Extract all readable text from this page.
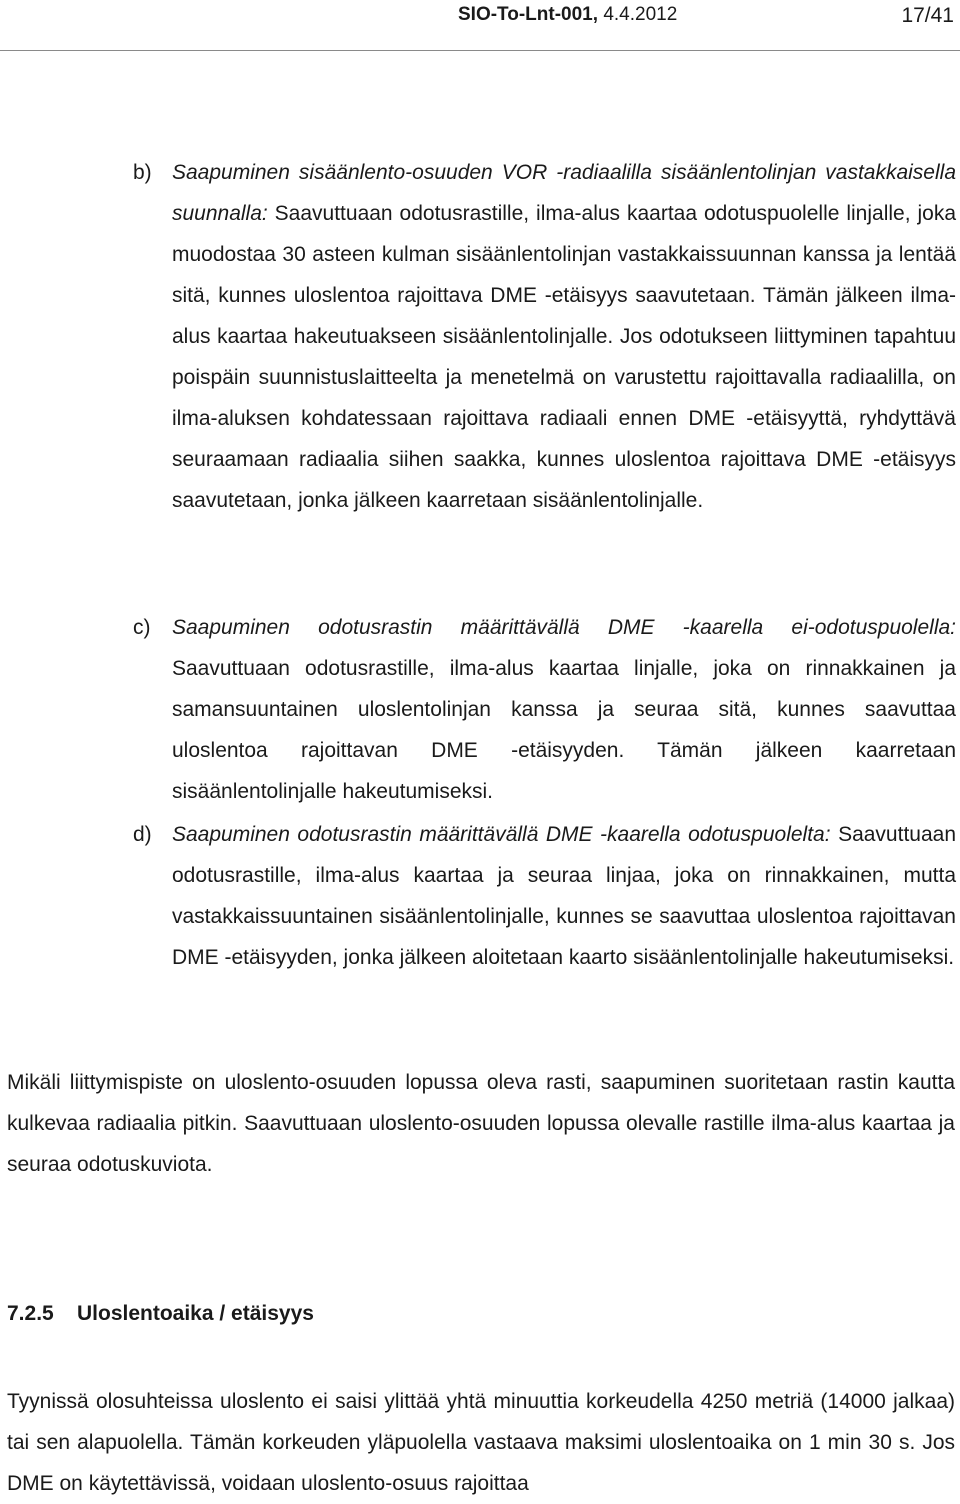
SIO-To-Lnt-001, 4.4.2012	17/41
b) Saapuminen sisäänlento-osuuden VOR -radiaalilla sisäänlentolinjan vastakkaisella suunnalla: Saavuttuaan odotusrastille, ilma-alus kaartaa odotuspuolelle linjalle, joka muodostaa 30 asteen kulman sisäänlentolinjan vastakkaissuunnan kanssa ja lentää sitä, kunnes uloslentoa rajoittava DME -etäisyys saavutetaan. Tämän jälkeen ilma-alus kaartaa hakeutuakseen sisäänlentolinjalle. Jos odotukseen liittyminen tapahtuu poispäin suunnistuslaitteelta ja menetelmä on varustettu rajoittavalla radiaalilla, on ilma-aluksen kohdatessaan rajoittava radiaali ennen DME -etäisyyttä, ryhdyttävä seuraamaan radiaalia siihen saakka, kunnes uloslentoa rajoittava DME -etäisyys saavutetaan, jonka jälkeen kaarretaan sisäänlentolinjalle.
c) Saapuminen odotusrastin määrittävällä DME -kaarella ei-odotuspuolella: Saavuttuaan odotusrastille, ilma-alus kaartaa linjalle, joka on rinnakkainen ja samansuuntainen uloslentolinjan kanssa ja seuraa sitä, kunnes saavuttaa uloslentoa rajoittavan DME -etäisyyden. Tämän jälkeen kaarretaan sisäänlentolinjalle hakeutumiseksi.
d) Saapuminen odotusrastin määrittävällä DME -kaarella odotuspuolelta: Saavuttuaan odotusrastille, ilma-alus kaartaa ja seuraa linjaa, joka on rinnakkainen, mutta vastakkaissuuntainen sisäänlentolinjalle, kunnes se saavuttaa uloslentoa rajoittavan DME -etäisyyden, jonka jälkeen aloitetaan kaarto sisäänlentolinjalle hakeutumiseksi.
Mikäli liittymispiste on uloslento-osuuden lopussa oleva rasti, saapuminen suoritetaan rastin kautta kulkevaa radiaalia pitkin. Saavuttuaan uloslento-osuuden lopussa olevalle rastille ilma-alus kaartaa ja seuraa odotuskuviota.
7.2.5 Uloslentoaika / etäisyys
Tyynissä olosuhteissa uloslento ei saisi ylittää yhtä minuuttia korkeudella 4250 metriä (14000 jalkaa) tai sen alapuolella. Tämän korkeuden yläpuolella vastaava maksimi uloslentoaika on 1 min 30 s. Jos DME on käytettävissä, voidaan uloslento-osuus rajoittaa
